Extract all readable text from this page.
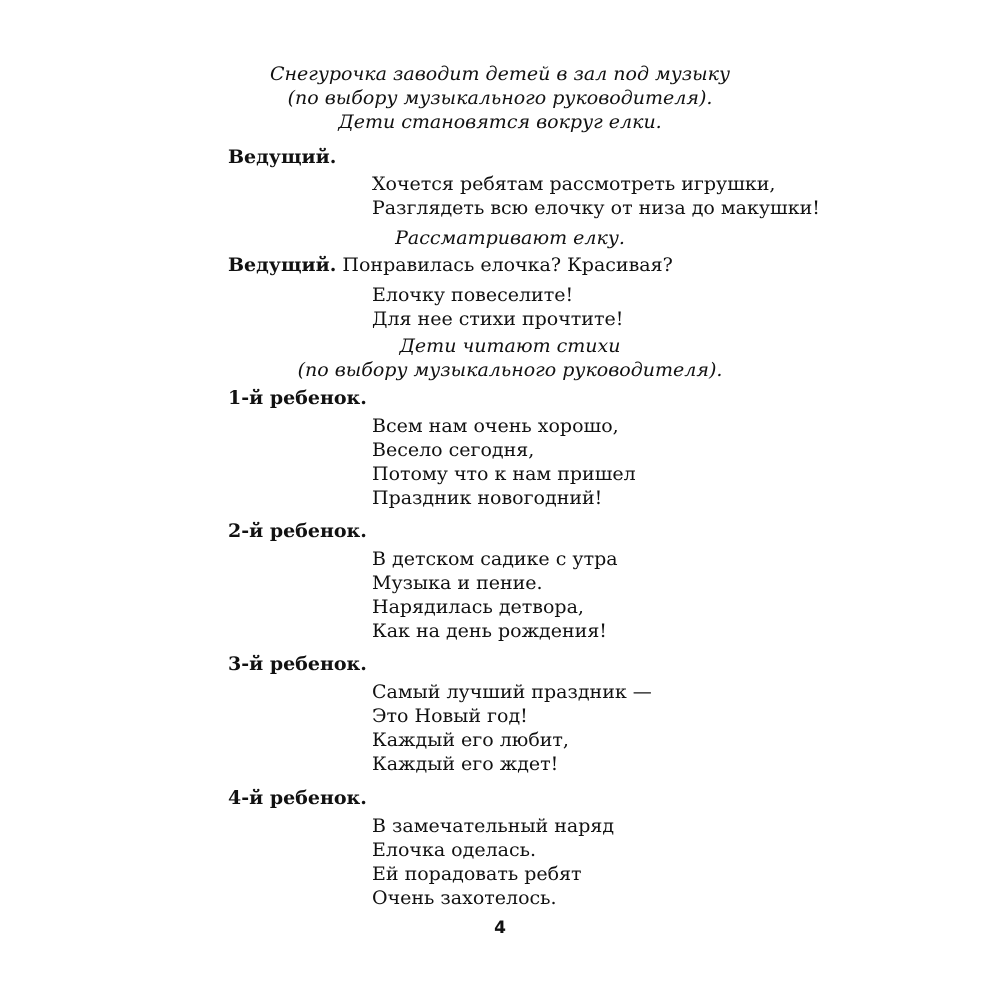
Снегурочка заводит детей в зал под музыку
(по выбору музыкального руководителя).
Дети становятся вокруг елки.
Ведущий.
Хочется ребятам рассмотреть игрушки,
Разглядеть всю елочку от низа до макушки!
Рассматривают елку.
Ведущий. Понравилась елочка? Красивая?
Елочку повеселите!
Для нее стихи прочтите!
Дети читают стихи
(по выбору музыкального руководителя).
1-й ребенок.
Всем нам очень хорошо,
Весело сегодня,
Потому что к нам пришел
Праздник новогодний!
2-й ребенок.
В детском садике с утра
Музыка и пение.
Нарядилась детвора,
Как на день рождения!
3-й ребенок.
Самый лучший праздник —
Это Новый год!
Каждый его любит,
Каждый его ждет!
4-й ребенок.
В замечательный наряд
Елочка оделась.
Ей порадовать ребят
Очень захотелось.
4
